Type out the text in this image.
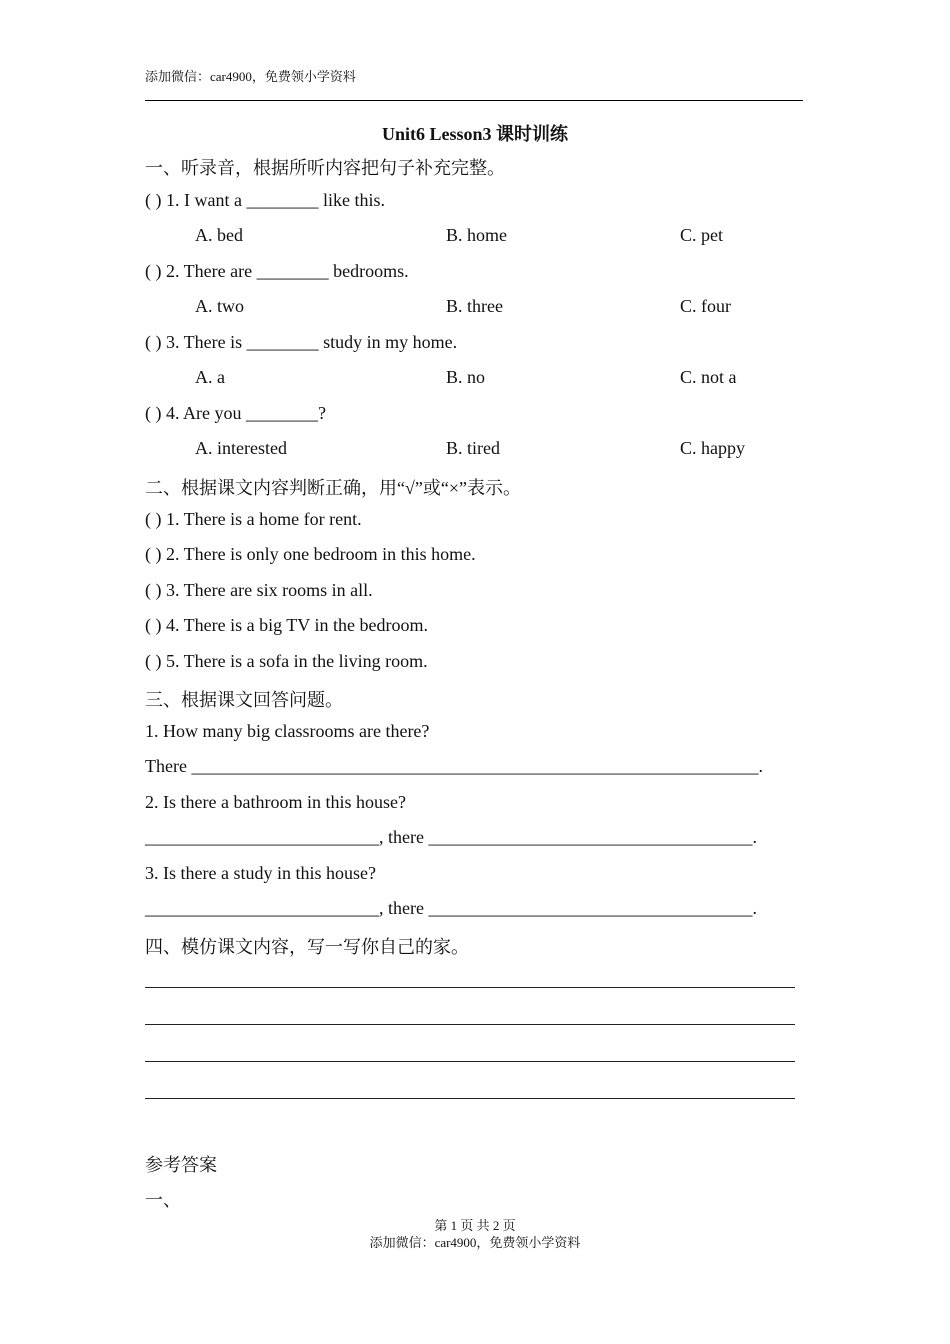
添加微信：car4900，免费领小学资料
Unit6 Lesson3 课时训练
一、听录音，根据所听内容把句子补充完整。
( ) 1. I want a ________ like this.
A. bed	B. home	C. pet
( ) 2. There are ________ bedrooms.
A. two	B. three	C. four
( ) 3. There is ________ study in my home.
A. a	B. no	C. not a
( ) 4. Are you ________?
A. interested	B. tired	C. happy
二、根据课文内容判断正确，用“√”或“×”表示。
( ) 1. There is a home for rent.
( ) 2. There is only one bedroom in this home.
( ) 3. There are six rooms in all.
( ) 4. There is a big TV in the bedroom.
( ) 5. There is a sofa in the living room.
三、根据课文回答问题。
1. How many big classrooms are there?
There _______________________________________________________________.
2. Is there a bathroom in this house?
__________________________, there ____________________________________.
3. Is there a study in this house?
__________________________, there ____________________________________.
四、模仿课文内容，写一写你自己的家。
参考答案
一、
第 1 页 共 2 页
添加微信：car4900，免费领小学资料
